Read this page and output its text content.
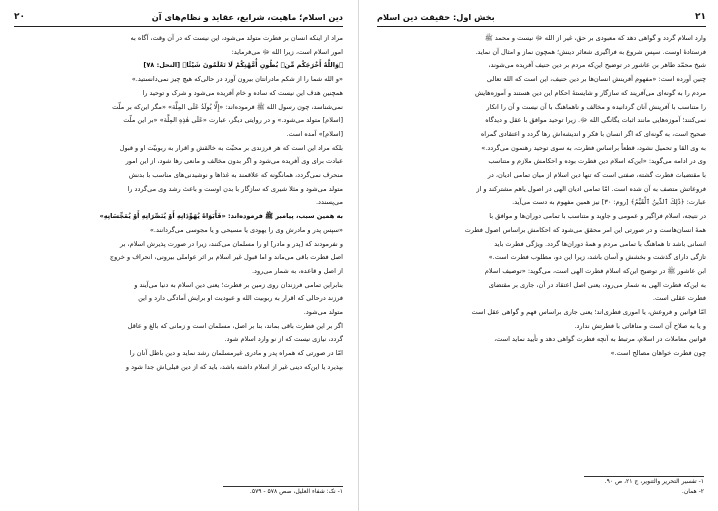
دین اسلام؛ ماهیت، شرایع، عقاید و نظام‌های آن
۲۰

مراد از اینکه انسان بر فطرت متولد می‌شود، این نیست که در آن وقت، آگاه به

امور اسلام است، زیرا الله ﷻ می‌فرماید:

﴿وَاللَّهُ أَخْرَجَكُم مِّنۢ بُطُونِ أُمَّهَٰتِكُمْ لَا تَعْلَمُونَ شَيْئًا﴾ [النحل: ۷۸]

«و الله شما را از شکم مادرانتان بیرون آورد در حالی‌که هیچ چیز نمی‌دانستید.»

همچنین هدف این نیست که ساده و خام آفریده می‌شود و شرک و توحید را

نمی‌شناسد، چون رسول الله ﷺ فرموده‌اند: «إِلَّا يُولَدُ عَلَى المِلَّة» «مگر این‌که بر ملّت

[اسلام] متولد می‌شود.» و در روایتی دیگر، عبارت «عَلَى هٰذِهِ المِلَّة» «بر این ملّت

[اسلام]» آمده است.

بلکه مراد این است که هر فرزندی بر محبّت به خالقش و اقرار به ربوبیّت او و قبول

عبادت برای وی آفریده می‌شود و اگر بدون مخالف و مانعی رها شود، از این امور

منحرف نمی‌گردد، همانگونه که علاقمند به غذاها و نوشیدنی‌های مناسب با بدنش

متولد می‌شود و مثلا شیری که سازگار با بدن اوست و باعث رشد وی می‌گردد را

می‌پسندد.

به همین سبب، پیامبر ﷺ فرموده‌اند: «فَأَبَوَاهُ يُهَوِّدَانِهِ أَوْ يُنَصِّرَانِهِ أَوْ يُمَجِّسَانِهِ»

«سپس پدر و مادرش وی را یهودی یا مسیحی و یا مجوسی می‌گردانند.»

و نفرمودند که [پدر و مادر] او را مسلمان می‌کنند، زیرا در صورت پذیرش اسلام، بر

اصل فطرت باقی می‌ماند و اما قبول غیر اسلام بر اثر عواملی بیرونی، انحراف و خروج

از اصل و قاعده، به شمار می‌رود.

بنابراین تمامی فرزندان روی زمین بر فطرت؛ یعنی دین اسلام به دنیا می‌آیند و

فرزند درحالی که اقرار به ربوبیت الله و عبودیت او برایش آمادگی دارد و این

متولد می‌شود.

اگر بر این فطرت باقی بماند، بنا بر اصل، مسلمان است و زمانی که بالغ و عاقل

گردد، نیازی نیست که از نو وارد اسلام شود.

امّا در صورتی که همراه پدر و مادری غیرمسلمان رشد نماید و دین باطل آنان را

بپذیرد یا این‌که دینی غیر از اسلام داشته باشد، باید که از دین قبلی‌اش جدا شود و

۱- نک: شفاء العلیل، صص ۵۷۸ - ۵۷۹.
۲۱
بخش اول: حقیقت دین اسلام

وارد اسلام گردد و گواهی دهد که معبودی بر حق، غیر از الله ﷻ نیست و محمد ﷺ

فرستادهٔ اوست. سپس شروع به فراگیری شعائر دینش؛ همچون نماز و امثال آن نماید.

شیخ محمّد طاهر بن عاشور در توضیح این‌که مردم بر دین حنیف آفریده می‌شوند،

چنین آورده است: «مفهوم آفرینش انسان‌ها بر دین حنیف، این است که الله تعالی

مردم را به گونه‌ای می‌آفریند که سازگار و شایستهٔ احکام این دین هستند و آموزه‌هایش

را متناسب با آفرینش آنان گردانیده و مخالف و ناهماهنگ با آن نیست و آن را انکار

نمی‌کنند؛ آموزه‌هایی مانند اثبات یگانگی الله ﷻ. زیرا توحید موافق با عقل و دیدگاه

صحیح است، به گونه‌ای که اگر انسان با فکر و اندیشه‌اش رها گردد و اعتقادی گمراه

به وی القا و تحمیل نشود، قطعاً براساس فطرت، به سوی توحید رهنمون می‌گردد.»

وی در ادامه می‌گوید: «این‌که اسلام دین فطرت بوده و احکامش ملازم و متناسب

با مقتضیات فطرت گشته، صفتی است که تنها دین اسلام از میان تمامی ادیان، در

فروعاتش متصف به آن شده است. امّا تمامی ادیان الهی در اصول باهم مشترکند و از

عبارت: ﴿ذَٰلِكَ ٱلدِّينُ ٱلْقَيِّمُ﴾ [روم: ۳۰] نیز همین مفهوم به دست می‌آید.

در نتیجه، اسلام فراگیر و عمومی و جاوید و متناسب با تمامی دوران‌ها و موافق با

همهٔ انسان‌هاست و در صورتی این امر محقق می‌شود که احکامش براساس اصول فطرت

انسانی باشد تا هماهنگ با تمامی مردم و همهٔ دوران‌ها گردد. ویژگی فطرت باید

تازگی دارای گذشت و بخشش و آسان باشد، زیرا این دو، مطلوب فطرت است.»

ابن عاشور ﷺ در توضیح این‌که اسلام فطرت الهی است، می‌گوید: «توصیف اسلام

به این‌که فطرت الهی به شمار می‌رود، یعنی اصل اعتقاد در آن، جاری بر مقتضای

فطرت عقلی است.

امّا قوانین و فروعش، یا اموری فطری‌اند؛ یعنی جاری براساس فهم و گواهی عقل است

و یا به صلاح آن است و منافاتی با فطرتش ندارد.

قوانین معاملات در اسلام، مرتبط به آنچه فطرت گواهی دهد و تأیید نماید است،

چون فطرت خواهان مصالح است.»

۱- تفسیر التحریر والتنویر، ج ۲۱، ص ۹۰.
۲- همان.
